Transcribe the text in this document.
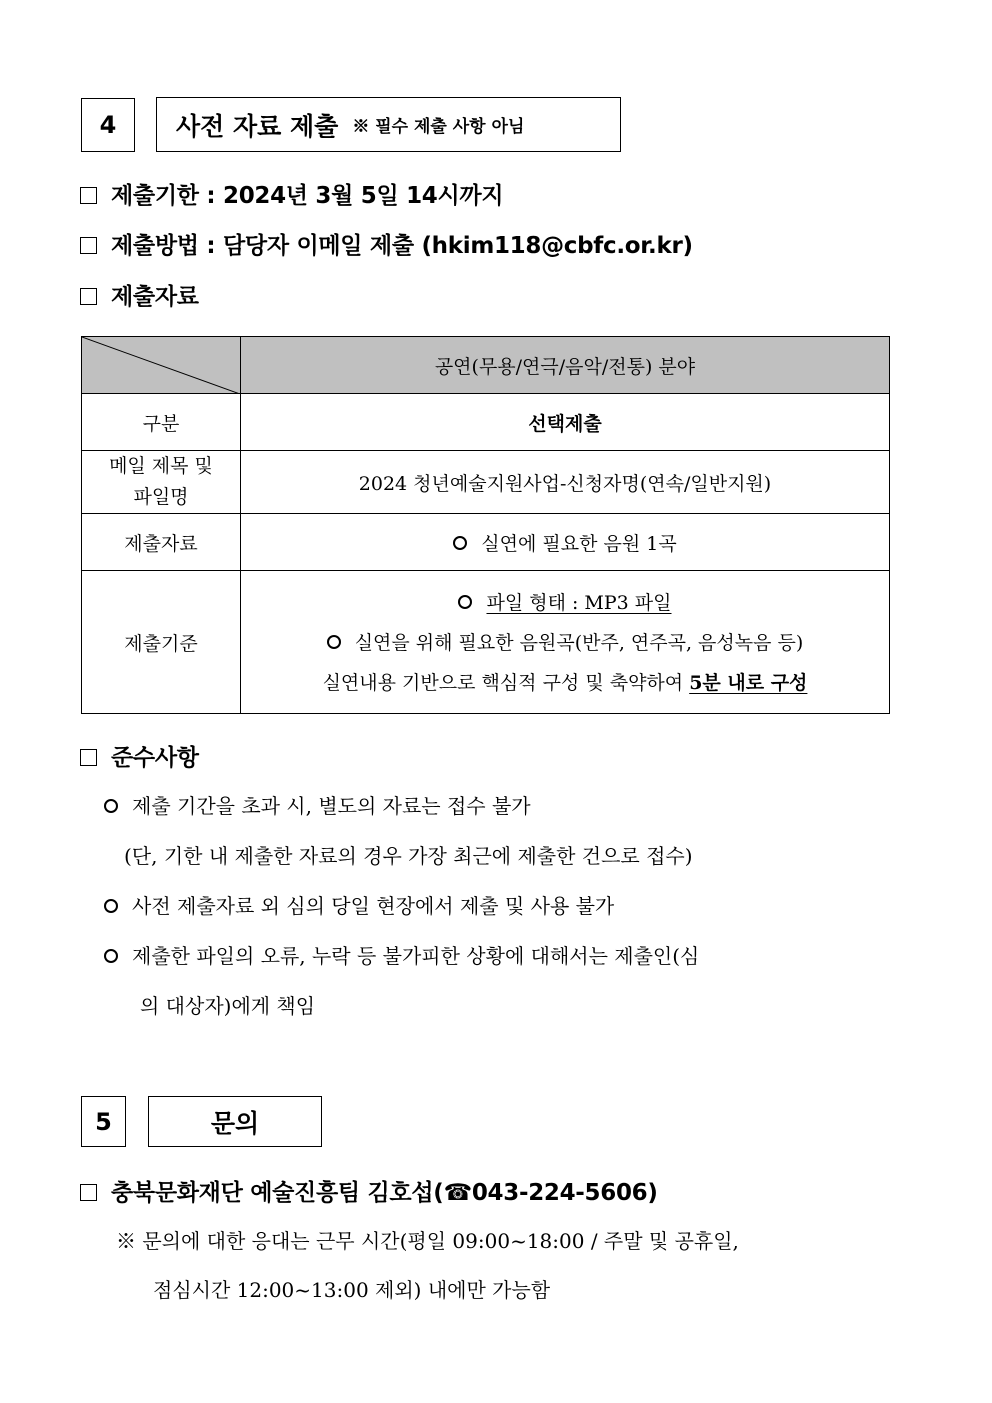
4 사전 자료 제출 ※ 필수 제출 사항 아님
제출기한 : 2024년 3월 5일 14시까지
제출방법 : 담당자 이메일 제출 (hkim118@cbfc.or.kr)
제출자료
	공연(무용/연극/음악/전통) 분야
구분	선택제출
메일 제목 및
파일명	2024 청년예술지원사업-신청자명(연속/일반지원)
제출자료	실연에 필요한 음원 1곡
제출기준	파일 형태 : MP3 파일
실연을 위해 필요한 음원곡(반주, 연주곡, 음성녹음 등)
실연내용 기반으로 핵심적 구성 및 축약하여 5분 내로 구성
준수사항
제출 기간을 초과 시, 별도의 자료는 접수 불가
(단, 기한 내 제출한 자료의 경우 가장 최근에 제출한 건으로 접수)
사전 제출자료 외 심의 당일 현장에서 제출 및 사용 불가
제출한 파일의 오류, 누락 등 불가피한 상황에 대해서는 제출인(심
의 대상자)에게 책임
5	문의
충북문화재단 예술진흥팀 김호섭(☎043-224-5606)
※ 문의에 대한 응대는 근무 시간(평일 09:00~18:00 / 주말 및 공휴일,
점심시간 12:00~13:00 제외) 내에만 가능함
